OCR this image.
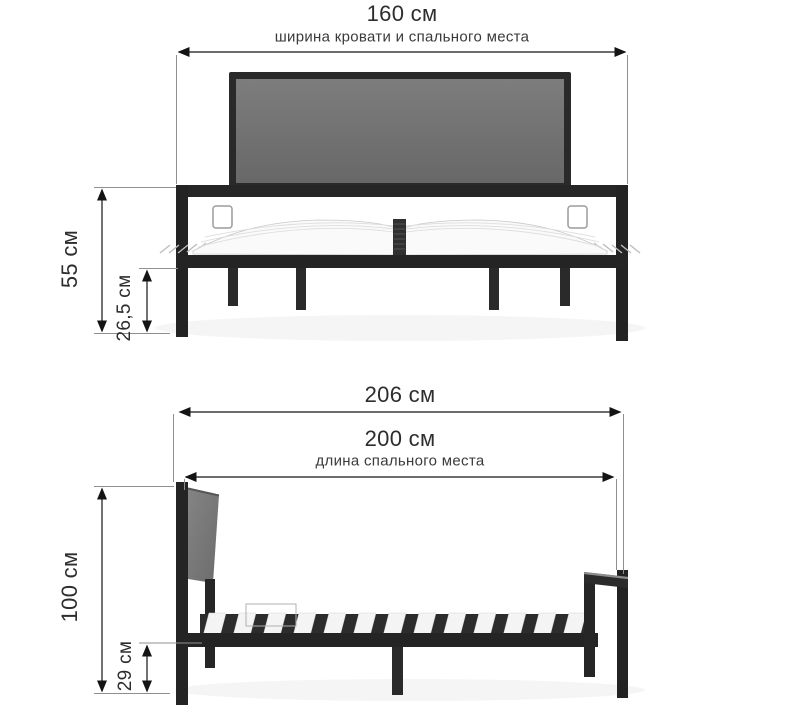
160 см
ширина кровати и спального места
55 см
26,5 см
206 см
200 см
длина спального места
100 см
29 см
